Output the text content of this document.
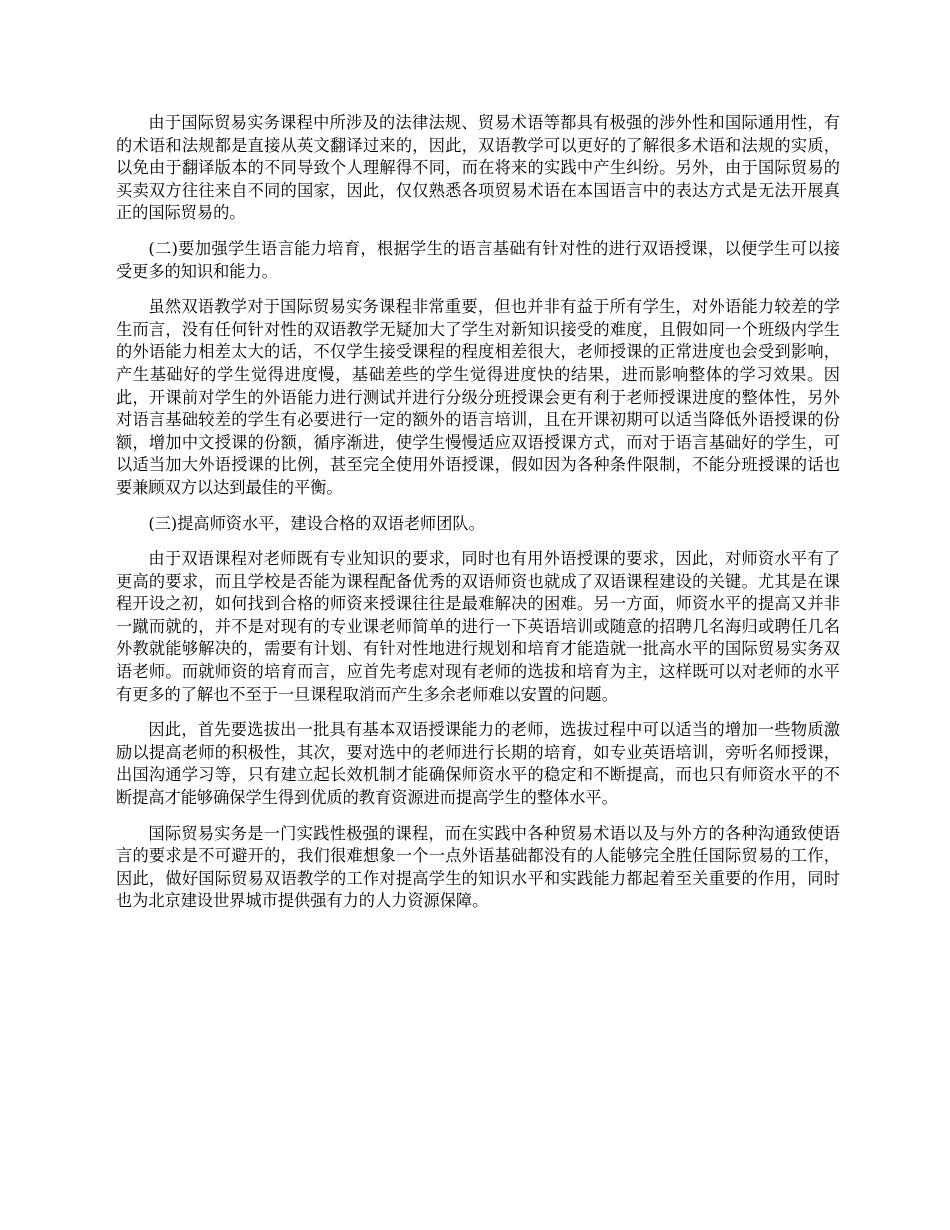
由于国际贸易实务课程中所涉及的法律法规、贸易术语等都具有极强的涉外性和国际通用性，有的术语和法规都是直接从英文翻译过来的，因此，双语教学可以更好的了解很多术语和法规的实质，以免由于翻译版本的不同导致个人理解得不同，而在将来的实践中产生纠纷。另外，由于国际贸易的买卖双方往往来自不同的国家，因此，仅仅熟悉各项贸易术语在本国语言中的表达方式是无法开展真正的国际贸易的。

(二)要加强学生语言能力培育，根据学生的语言基础有针对性的进行双语授课，以便学生可以接受更多的知识和能力。

虽然双语教学对于国际贸易实务课程非常重要，但也并非有益于所有学生，对外语能力较差的学生而言，没有任何针对性的双语教学无疑加大了学生对新知识接受的难度，且假如同一个班级内学生的外语能力相差太大的话，不仅学生接受课程的程度相差很大，老师授课的正常进度也会受到影响，产生基础好的学生觉得进度慢，基础差些的学生觉得进度快的结果，进而影响整体的学习效果。因此，开课前对学生的外语能力进行测试并进行分级分班授课会更有利于老师授课进度的整体性，另外对语言基础较差的学生有必要进行一定的额外的语言培训，且在开课初期可以适当降低外语授课的份额，增加中文授课的份额，循序渐进，使学生慢慢适应双语授课方式，而对于语言基础好的学生，可以适当加大外语授课的比例，甚至完全使用外语授课，假如因为各种条件限制，不能分班授课的话也要兼顾双方以达到最佳的平衡。

(三)提高师资水平，建设合格的双语老师团队。

由于双语课程对老师既有专业知识的要求，同时也有用外语授课的要求，因此，对师资水平有了更高的要求，而且学校是否能为课程配备优秀的双语师资也就成了双语课程建设的关键。尤其是在课程开设之初，如何找到合格的师资来授课往往是最难解决的困难。另一方面，师资水平的提高又并非一蹴而就的，并不是对现有的专业课老师简单的进行一下英语培训或随意的招聘几名海归或聘任几名外教就能够解决的，需要有计划、有针对性地进行规划和培育才能造就一批高水平的国际贸易实务双语老师。而就师资的培育而言，应首先考虑对现有老师的选拔和培育为主，这样既可以对老师的水平有更多的了解也不至于一旦课程取消而产生多余老师难以安置的问题。

因此，首先要选拔出一批具有基本双语授课能力的老师，选拔过程中可以适当的增加一些物质激励以提高老师的积极性，其次，要对选中的老师进行长期的培育，如专业英语培训，旁听名师授课，出国沟通学习等，只有建立起长效机制才能确保师资水平的稳定和不断提高，而也只有师资水平的不断提高才能够确保学生得到优质的教育资源进而提高学生的整体水平。

国际贸易实务是一门实践性极强的课程，而在实践中各种贸易术语以及与外方的各种沟通致使语言的要求是不可避开的，我们很难想象一个一点外语基础都没有的人能够完全胜任国际贸易的工作，因此，做好国际贸易双语教学的工作对提高学生的知识水平和实践能力都起着至关重要的作用，同时也为北京建设世界城市提供强有力的人力资源保障。
